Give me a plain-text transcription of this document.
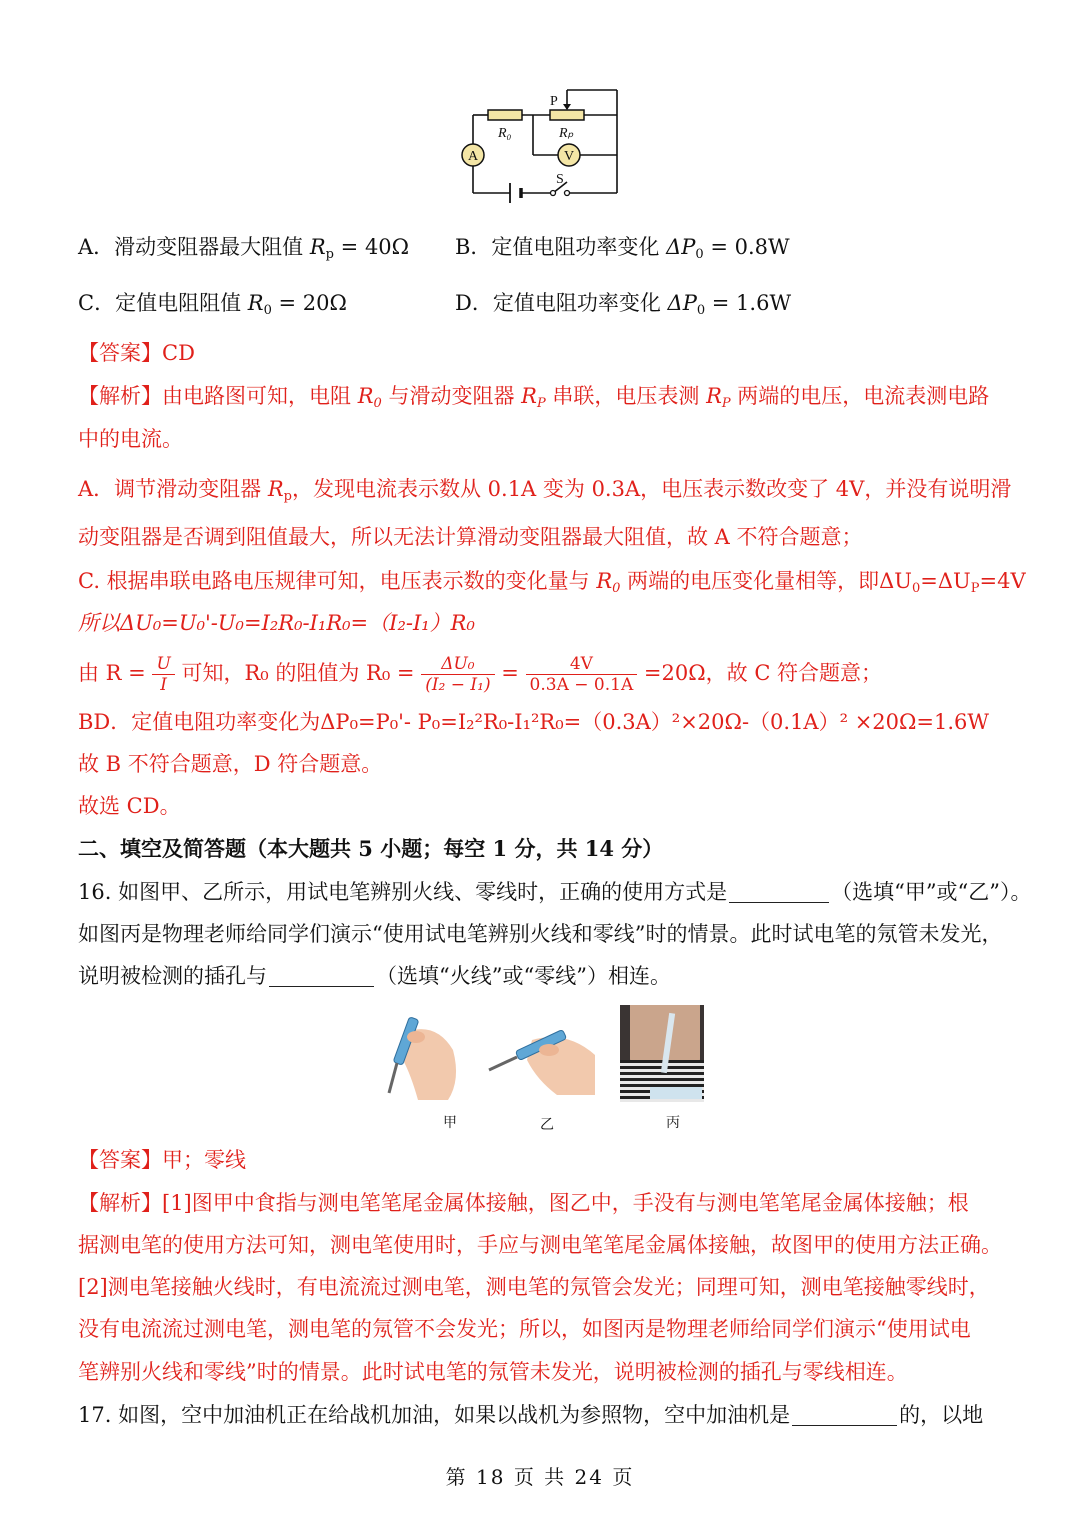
P
R₀	Rₚ
A	V
S
A．滑动变阻器最大阻值 $R_p = 40\Omega$ B．定值电阻功率变化 $\Delta P_0 = 0.8W$
C．定值电阻阻值 $R_0 = 20\Omega$	D．定值电阻功率变化 $\Delta P_0 = 1.6W$
【答案】CD
【解析】由电路图可知，电阻 $R_0$ 与滑动变阻器 $R_P$ 串联，电压表测 $R_P$ 两端的电压，电流表测电路
中的电流。
A．调节滑动变阻器 $R_p$，发现电流表示数从 0.1A 变为 0.3A，电压表示数改变了 4V，并没有说明滑
动变阻器是否调到阻值最大，所以无法计算滑动变阻器最大阻值，故 A 不符合题意；
C. 根据串联电路电压规律可知，电压表示数的变化量与 $R_0$ 两端的电压变化量相等，即$\Delta U_0=\Delta U_P=4V$
所以ΔU₀=U₀'-U₀=I₂R₀-I₁R₀=（I₂-I₁）R₀
由 $R = \frac{U}{I}$ 可知，R₀ 的阻值为 $R_0 = \frac{\text{ΔU₀}}{\text{(I₂ − I₁)}} = \frac{4V}{0.3A - 0.1A} =20\Omega$，故 C 符合题意；
BD．定值电阻功率变化为ΔP₀=P₀'- P₀=I₂²R₀-I₁²R₀=（0.3A）²×20Ω-（0.1A）² ×20Ω=1.6W
故 B 不符合题意，D 符合题意。
故选 CD。
二、填空及简答题（本大题共 5 小题；每空 1 分，共 14 分）
16. 如图甲、乙所示，用试电笔辨别火线、零线时，正确的使用方式是	（选填“甲”或“乙”）。
如图丙是物理老师给同学们演示“使用试电笔辨别火线和零线”时的情景。此时试电笔的氖管未发光，
说明被检测的插孔与	（选填“火线”或“零线”）相连。
甲	乙	丙
【答案】甲；零线
【解析】[1]图甲中食指与测电笔笔尾金属体接触，图乙中，手没有与测电笔笔尾金属体接触；根
据测电笔的使用方法可知，测电笔使用时，手应与测电笔笔尾金属体接触，故图甲的使用方法正确。
[2]测电笔接触火线时，有电流流过测电笔，测电笔的氖管会发光；同理可知，测电笔接触零线时，
没有电流流过测电笔，测电笔的氖管不会发光；所以，如图丙是物理老师给同学们演示“使用试电
笔辨别火线和零线”时的情景。此时试电笔的氖管未发光，说明被检测的插孔与零线相连。
17. 如图，空中加油机正在给战机加油，如果以战机为参照物，空中加油机是	的，以地
第 18 页 共 24 页
